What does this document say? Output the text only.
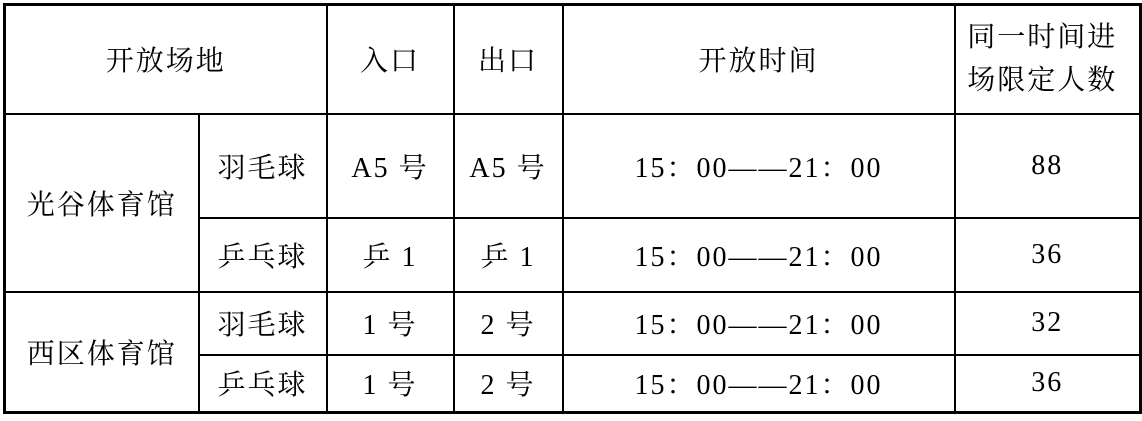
开放场地		入口	出口	开放时间	同一时间进场限定人数
光谷体育馆	羽毛球	A5 号	A5 号	15：00——21：00	88
	乒乓球	乒 1	乒 1	15：00——21：00	36
西区体育馆	羽毛球	1 号	2 号	15：00——21：00	32
	乒乓球	1 号	2 号	15：00——21：00	36
